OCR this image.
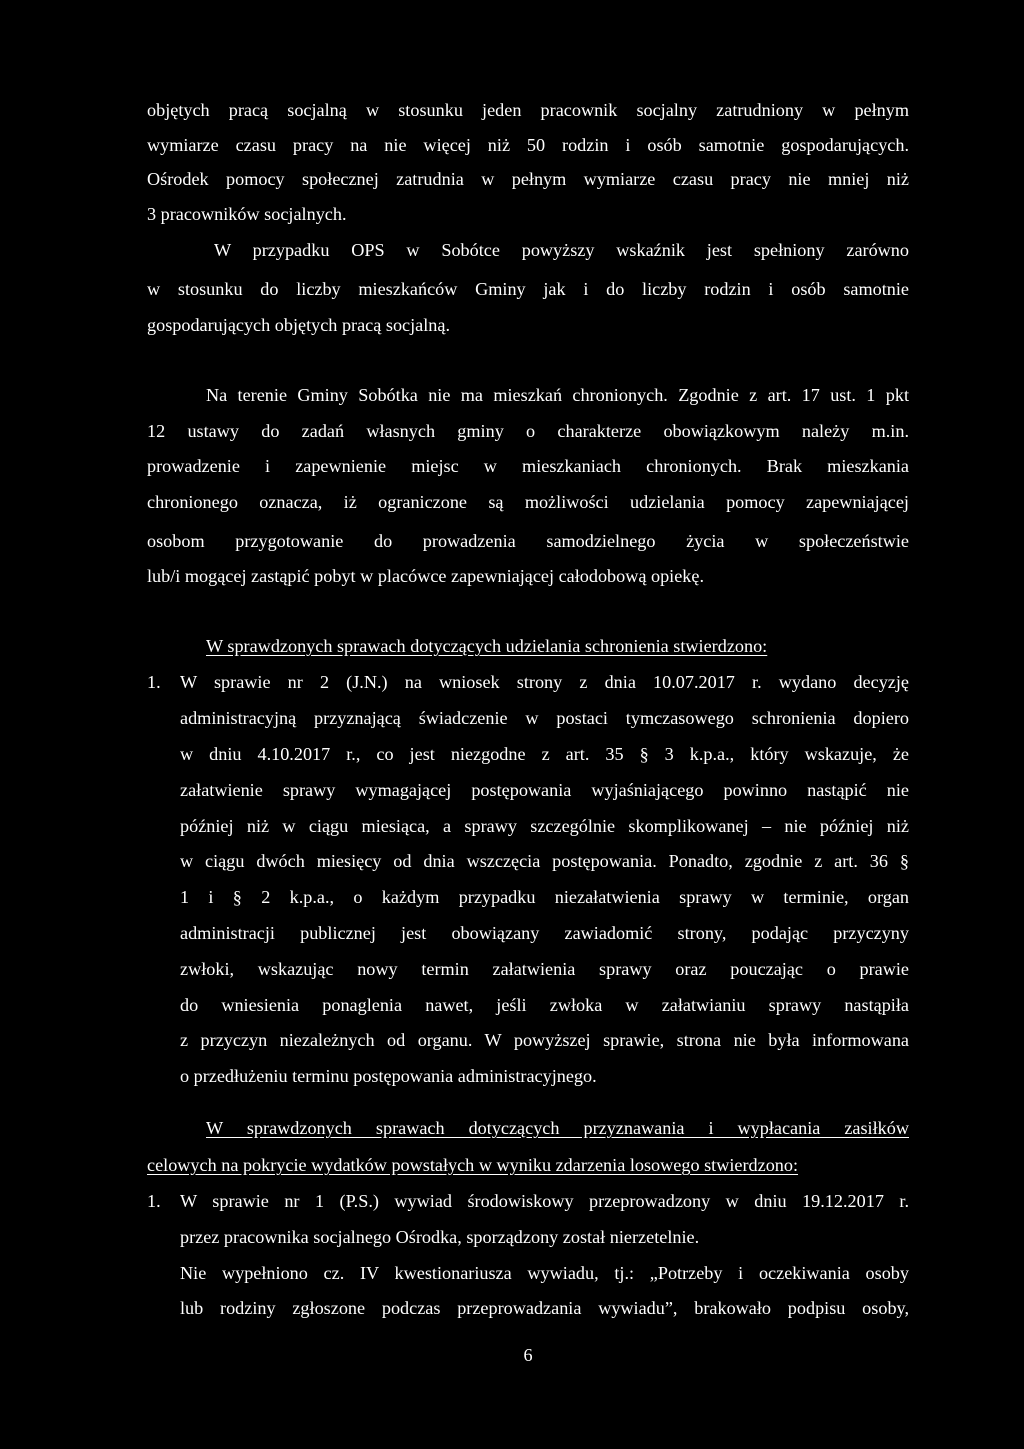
objętych pracą socjalną w stosunku jeden pracownik socjalny zatrudniony w pełnym
wymiarze czasu pracy na nie więcej niż 50 rodzin i osób samotnie gospodarujących.
Ośrodek pomocy społecznej zatrudnia w pełnym wymiarze czasu pracy nie mniej niż
3 pracowników socjalnych.
W przypadku OPS w Sobótce powyższy wskaźnik jest spełniony zarówno
w stosunku do liczby mieszkańców Gminy jak i do liczby rodzin i osób samotnie
gospodarujących objętych pracą socjalną.
Na terenie Gminy Sobótka nie ma mieszkań chronionych. Zgodnie z art. 17 ust. 1 pkt
12 ustawy do zadań własnych gminy o charakterze obowiązkowym należy m.in.
prowadzenie i zapewnienie miejsc w mieszkaniach chronionych. Brak mieszkania
chronionego oznacza, iż ograniczone są możliwości udzielania pomocy zapewniającej
osobom przygotowanie do prowadzenia samodzielnego życia w społeczeństwie
lub/i mogącej zastąpić pobyt w placówce zapewniającej całodobową opiekę.
W sprawdzonych sprawach dotyczących udzielania schronienia stwierdzono:
1. W sprawie nr 2 (J.N.) na wniosek strony z dnia 10.07.2017 r. wydano decyzję
administracyjną przyznającą świadczenie w postaci tymczasowego schronienia dopiero
w dniu 4.10.2017 r., co jest niezgodne z art. 35 § 3 k.p.a., który wskazuje, że
załatwienie sprawy wymagającej postępowania wyjaśniającego powinno nastąpić nie
później niż w ciągu miesiąca, a sprawy szczególnie skomplikowanej – nie później niż
w ciągu dwóch miesięcy od dnia wszczęcia postępowania. Ponadto, zgodnie z art. 36 §
1 i § 2 k.p.a., o każdym przypadku niezałatwienia sprawy w terminie, organ
administracji publicznej jest obowiązany zawiadomić strony, podając przyczyny
zwłoki, wskazując nowy termin załatwienia sprawy oraz pouczając o prawie
do wniesienia ponaglenia nawet, jeśli zwłoka w załatwianiu sprawy nastąpiła
z przyczyn niezależnych od organu. W powyższej sprawie, strona nie była informowana
o przedłużeniu terminu postępowania administracyjnego.
W sprawdzonych sprawach dotyczących przyznawania i wypłacania zasiłków
celowych na pokrycie wydatków powstałych w wyniku zdarzenia losowego stwierdzono:
1. W sprawie nr 1 (P.S.) wywiad środowiskowy przeprowadzony w dniu 19.12.2017 r.
przez pracownika socjalnego Ośrodka, sporządzony został nierzetelnie.
Nie wypełniono cz. IV kwestionariusza wywiadu, tj.: „Potrzeby i oczekiwania osoby
lub rodziny zgłoszone podczas przeprowadzania wywiadu”, brakowało podpisu osoby,
6
